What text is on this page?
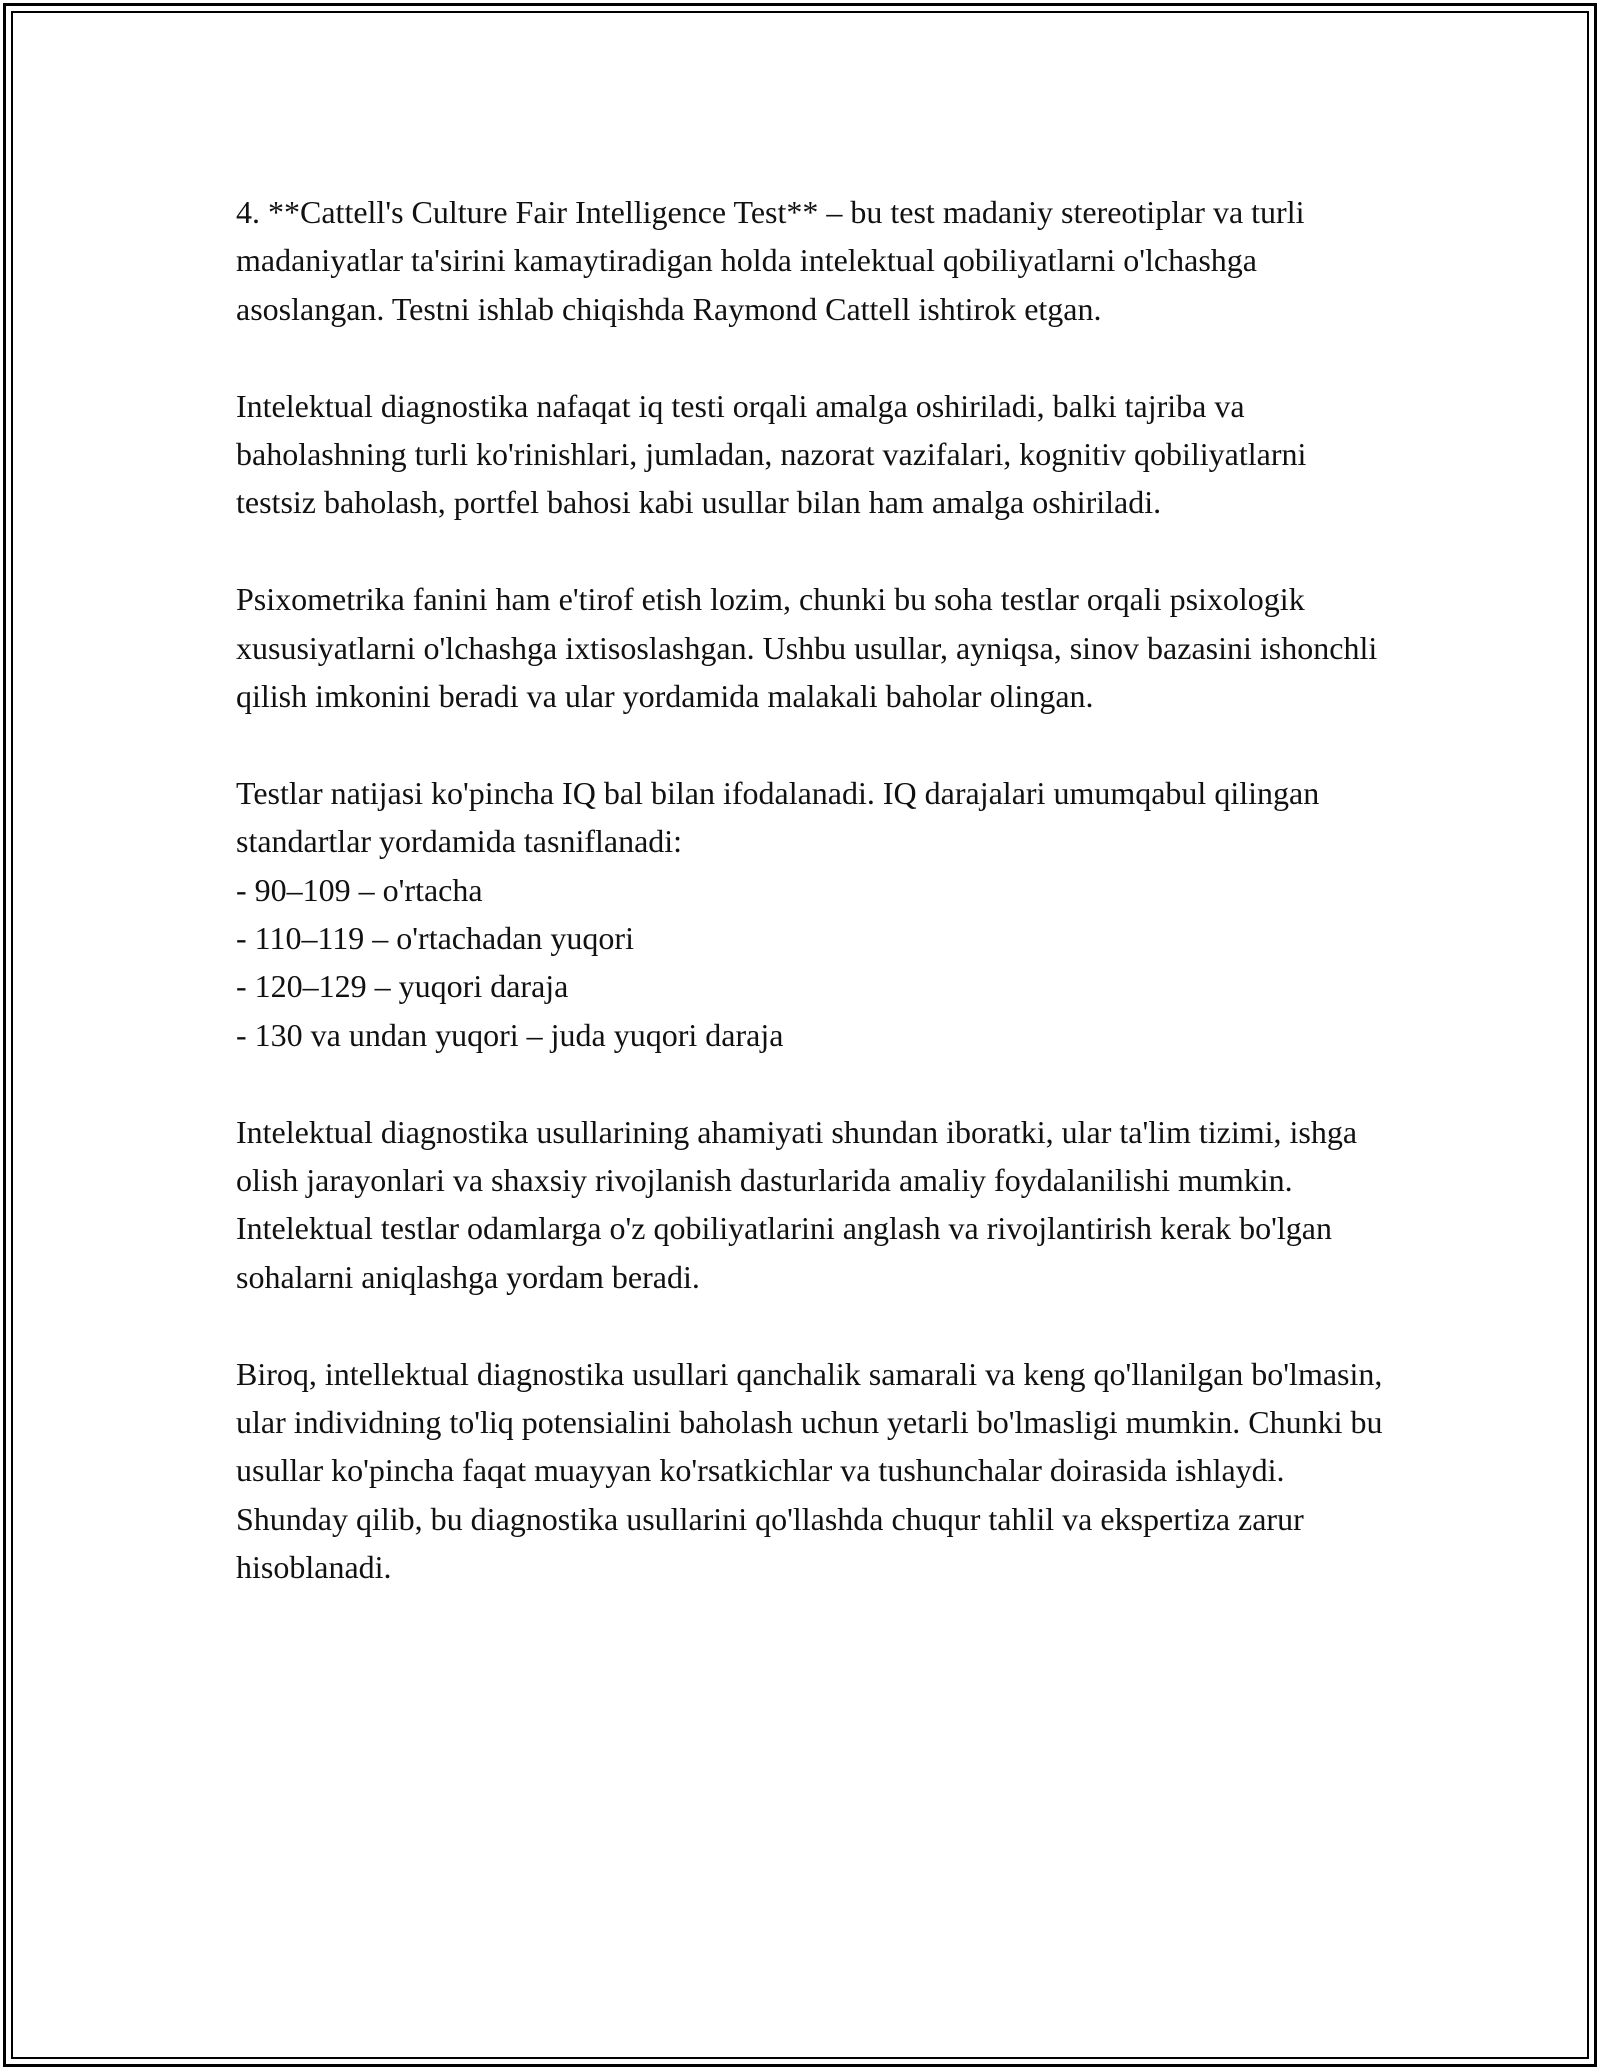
4. **Cattell's Culture Fair Intelligence Test** – bu test madaniy stereotiplar va turli madaniyatlar ta'sirini kamaytiradigan holda intelektual qobiliyatlarni o'lchashga asoslangan. Testni ishlab chiqishda Raymond Cattell ishtirok etgan.

Intelektual diagnostika nafaqat iq testi orqali amalga oshiriladi, balki tajriba va baholashning turli ko'rinishlari, jumladan, nazorat vazifalari, kognitiv qobiliyatlarni testsiz baholash, portfel bahosi kabi usullar bilan ham amalga oshiriladi.

Psixometrika fanini ham e'tirof etish lozim, chunki bu soha testlar orqali psixologik xususiyatlarni o'lchashga ixtisoslashgan. Ushbu usullar, ayniqsa, sinov bazasini ishonchli qilish imkonini beradi va ular yordamida malakali baholar olingan.

Testlar natijasi ko'pincha IQ bal bilan ifodalanadi. IQ darajalari umumqabul qilingan standartlar yordamida tasniflanadi:

- 90–109 – o'rtacha
- 110–119 – o'rtachadan yuqori
- 120–129 – yuqori daraja
- 130 va undan yuqori – juda yuqori daraja

Intelektual diagnostika usullarining ahamiyati shundan iboratki, ular ta'lim tizimi, ishga olish jarayonlari va shaxsiy rivojlanish dasturlarida amaliy foydalanilishi mumkin. Intelektual testlar odamlarga o'z qobiliyatlarini anglash va rivojlantirish kerak bo'lgan sohalarni aniqlashga yordam beradi.

Biroq, intellektual diagnostika usullari qanchalik samarali va keng qo'llanilgan bo'lmasin, ular individning to'liq potensialini baholash uchun yetarli bo'lmasligi mumkin. Chunki bu usullar ko'pincha faqat muayyan ko'rsatkichlar va tushunchalar doirasida ishlaydi. Shunday qilib, bu diagnostika usullarini qo'llashda chuqur tahlil va ekspertiza zarur hisoblanadi.
